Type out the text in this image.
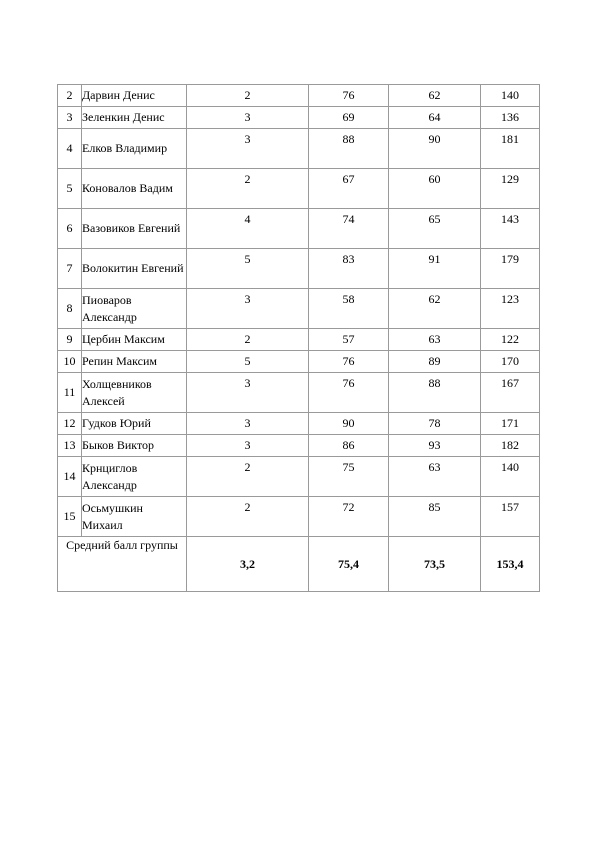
2	Дарвин Денис	2	76	62	140
3	Зеленкин Денис	3	69	64	136
4	Елков Владимир	3	88	90	181
5	Коновалов Вадим	2	67	60	129
6	Вазовиков Евгений	4	74	65	143
7	Волокитин Евгений	5	83	91	179
8	Пиоваров Александр	3	58	62	123
9	Цербин Максим	2	57	63	122
10	Репин Максим	5	76	89	170
11	Холщевников Алексей	3	76	88	167
12	Гудков Юрий	3	90	78	171
13	Быков Виктор	3	86	93	182
14	Крнциглов Александр	2	75	63	140
15	Осьмушкин Михаил	2	72	85	157
Средний балл группы		3,2	75,4	73,5	153,4
